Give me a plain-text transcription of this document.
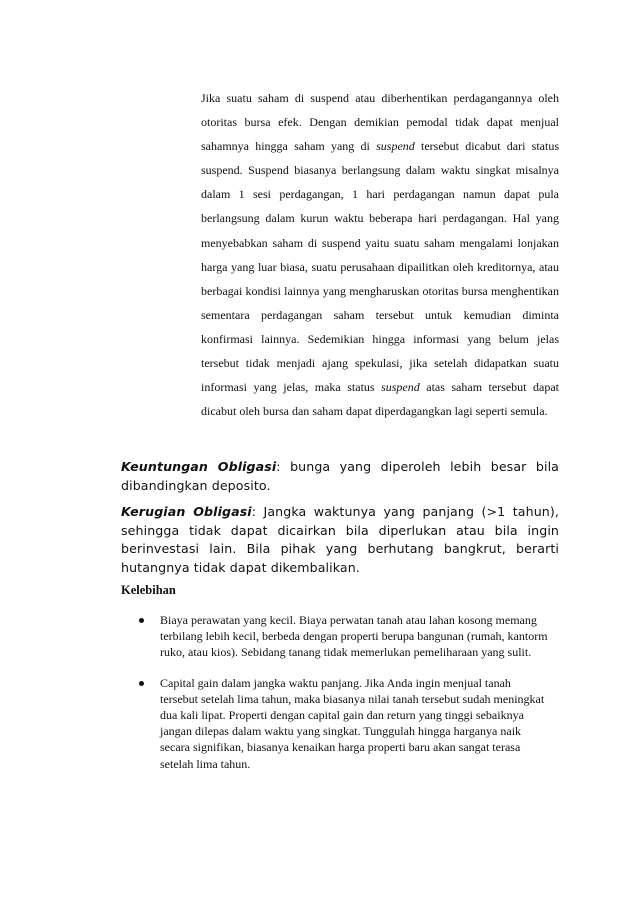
Jika suatu saham di suspend atau diberhentikan perdagangannya oleh otoritas bursa efek. Dengan demikian pemodal tidak dapat menjual sahamnya hingga saham yang di suspend tersebut dicabut dari status suspend. Suspend biasanya berlangsung dalam waktu singkat misalnya dalam 1 sesi perdagangan, 1 hari perdagangan namun dapat pula berlangsung dalam kurun waktu beberapa hari perdagangan. Hal yang menyebabkan saham di suspend yaitu suatu saham mengalami lonjakan harga yang luar biasa, suatu perusahaan dipailitkan oleh kreditornya, atau berbagai kondisi lainnya yang mengharuskan otoritas bursa menghentikan sementara perdagangan saham tersebut untuk kemudian diminta konfirmasi lainnya. Sedemikian hingga informasi yang belum jelas tersebut tidak menjadi ajang spekulasi, jika setelah didapatkan suatu informasi yang jelas, maka status suspend atas saham tersebut dapat dicabut oleh bursa dan saham dapat diperdagangkan lagi seperti semula.

Keuntungan Obligasi: bunga yang diperoleh lebih besar bila dibandingkan deposito.

Kerugian Obligasi: Jangka waktunya yang panjang (>1 tahun), sehingga tidak dapat dicairkan bila diperlukan atau bila ingin berinvestasi lain. Bila pihak yang berhutang bangkrut, berarti hutangnya tidak dapat dikembalikan.

Kelebihan
Biaya perawatan yang kecil. Biaya perwatan tanah atau lahan kosong memang terbilang lebih kecil, berbeda dengan properti berupa bangunan (rumah, kantorm ruko, atau kios). Sebidang tanang tidak memerlukan pemeliharaan yang sulit.
Capital gain dalam jangka waktu panjang. Jika Anda ingin menjual tanah tersebut setelah lima tahun, maka biasanya nilai tanah tersebut sudah meningkat dua kali lipat. Properti dengan capital gain dan return yang tinggi sebaiknya jangan dilepas dalam waktu yang singkat. Tunggulah hingga harganya naik secara signifikan, biasanya kenaikan harga properti baru akan sangat terasa setelah lima tahun.
